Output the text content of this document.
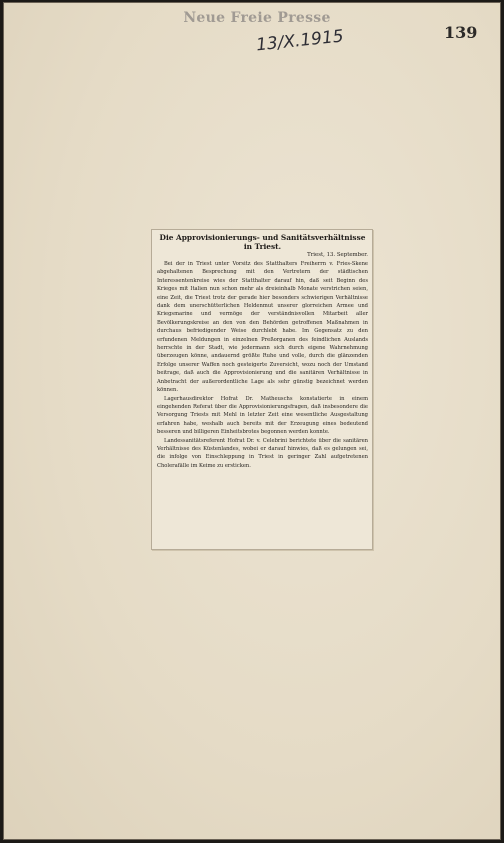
Neue Freie Presse
13/X.1915	139
Die Approvisionierungs- und Sanitätsverhältnisse in Triest.
Triest, 13. September.

Bei der in Triest unter Vorsitz des Statthalters Freiherrn v. Fries-Skene abgehaltenen Besprechung mit den Vertretern der städtischen Interessentenkreise wies der Statthalter darauf hin, daß seit Beginn des Krieges mit Italien nun schon mehr als dreieinhalb Monate verstrichen seien, eine Zeit, die Triest trotz der gerade hier besonders schwierigen Verhältnisse dank dem unerschütterlichen Heldenmut unserer glorreichen Armee und Kriegsmarine und vermöge der verständnisvollen Mitarbeit aller Bevölkerungskreise an den von den Behörden getroffenen Maßnahmen in durchaus befriedigender Weise durchlebt habe. Im Gegensatz zu den erfundenen Meldungen in einzelnen Preßorganen des feindlichen Auslands herrschte in der Stadt, wie jedermann sich durch eigene Wahrnehmung überzeugen könne, andauernd größte Ruhe und volle, durch die glänzenden Erfolge unserer Waffen noch gesteigerte Zuversicht, wozu noch der Umstand beitrage, daß auch die Approvisionierung und die sanitären Verhältnisse in Anbetracht der außerordentliche Lage als sehr günstig bezeichnet werden können.

Lagerhausdirektor Hofrat Dr. Matheuschs konstatierte in einem eingehenden Referat über die Approvisionierungsfragen, daß insbesondere die Versorgung Triests mit Mehl in letzter Zeit eine wesentliche Ausgestaltung erfahren habe, weshalb auch bereits mit der Erzeugung eines bedeutend besseren und billigeren Einheitsbrotes begonnen werden konnte.

Landessanitätsreferent Hofrat Dr. v. Celebrini berichtete über die sanitären Verhältnisse des Küstenlandes, wobei er darauf hinwies, daß es gelungen sei, die infolge von Einschleppung in Triest in geringer Zahl aufgetretenen Cholerafälle im Keime zu ersticken.
